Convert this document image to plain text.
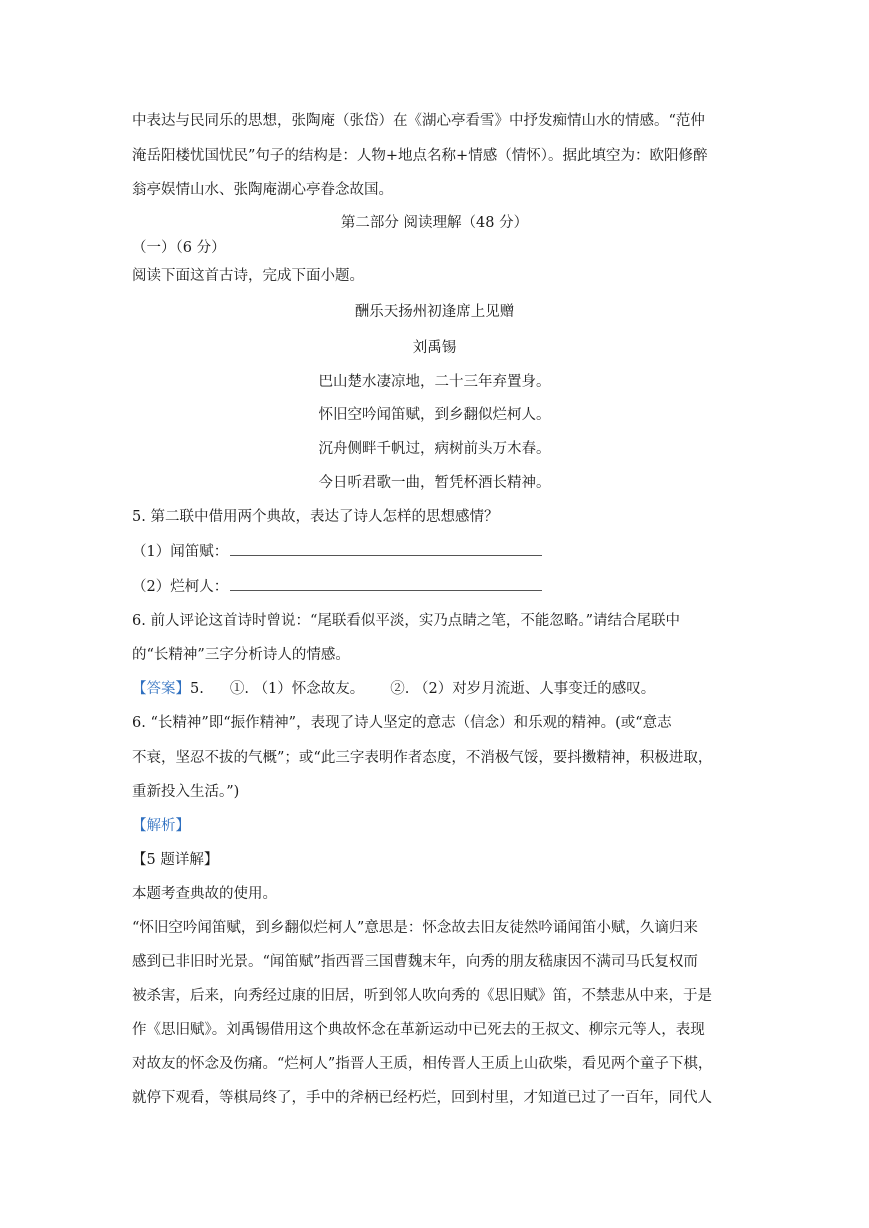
中表达与民同乐的思想，张陶庵（张岱）在《湖心亭看雪》中抒发痴情山水的情感。“范仲
淹岳阳楼忧国忧民”句子的结构是：人物+地点名称+情感（情怀）。据此填空为：欧阳修醉
翁亭娱情山水、张陶庵湖心亭眷念故国。
第二部分 阅读理解（48 分）
（一）（6 分）
阅读下面这首古诗，完成下面小题。
酬乐天扬州初逢席上见赠
刘禹锡
巴山楚水凄凉地，二十三年弃置身。
怀旧空吟闻笛赋，到乡翻似烂柯人。
沉舟侧畔千帆过，病树前头万木春。
今日听君歌一曲，暂凭杯酒长精神。
5. 第二联中借用两个典故，表达了诗人怎样的思想感情？
（1）闻笛赋：
（2）烂柯人：
6. 前人评论这首诗时曾说：“尾联看似平淡，实乃点睛之笔，不能忽略。”请结合尾联中
的“长精神”三字分析诗人的情感。
【答案】5. ①. （1）怀念故友。 ②. （2）对岁月流逝、人事变迁的感叹。
6. “长精神”即“振作精神”，表现了诗人坚定的意志（信念）和乐观的精神。(或“意志
不衰，坚忍不拔的气概”；或“此三字表明作者态度，不消极气馁，要抖擞精神，积极进取，
重新投入生活。”)
【解析】
【5 题详解】
本题考查典故的使用。
“怀旧空吟闻笛赋，到乡翻似烂柯人”意思是：怀念故去旧友徒然吟诵闻笛小赋，久谪归来
感到已非旧时光景。“闻笛赋”指西晋三国曹魏末年，向秀的朋友嵇康因不满司马氏复权而
被杀害，后来，向秀经过康的旧居，听到邻人吹向秀的《思旧赋》笛，不禁悲从中来，于是
作《思旧赋》。刘禹锡借用这个典故怀念在革新运动中已死去的王叔文、柳宗元等人，表现
对故友的怀念及伤痛。“烂柯人”指晋人王质，相传晋人王质上山砍柴，看见两个童子下棋，
就停下观看，等棋局终了，手中的斧柄已经朽烂，回到村里，才知道已过了一百年，同代人
